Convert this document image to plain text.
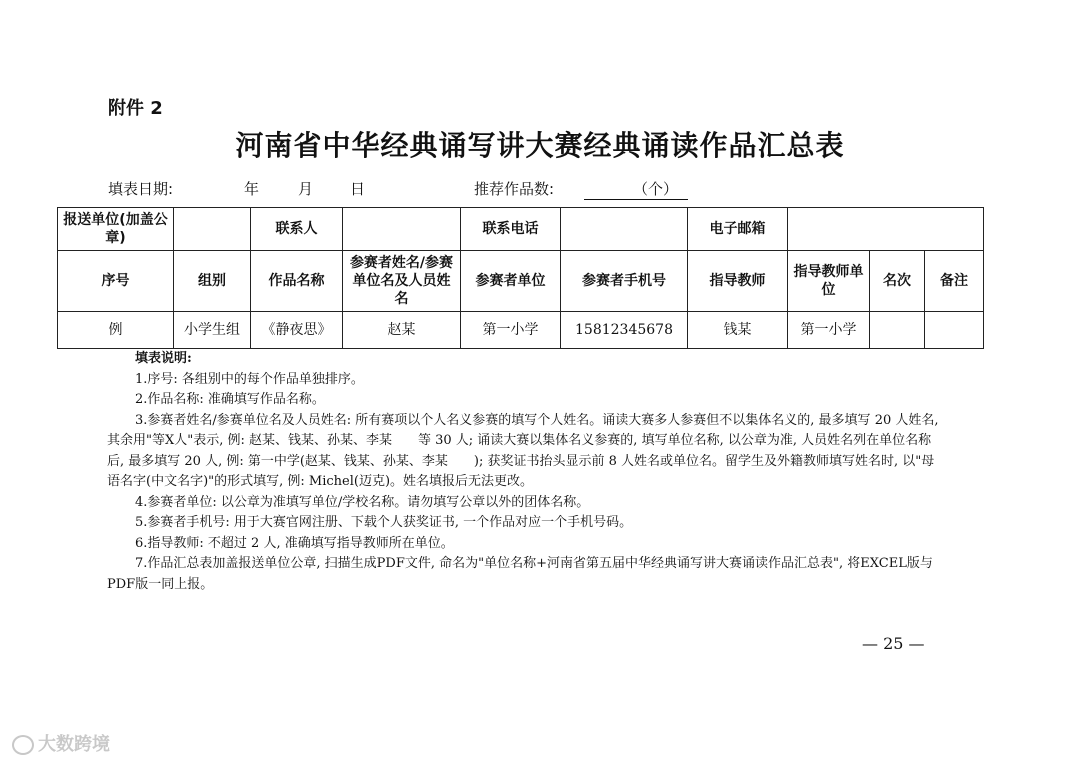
附件 2
河南省中华经典诵写讲大赛经典诵读作品汇总表
填表日期:	年	月 日	推荐作品数:	（个）
报送单位(加盖公章)		联系人		联系电话		电子邮箱			
序号	组别	作品名称	参赛者姓名/参赛单位名及人员姓名	参赛者单位	参赛者手机号	指导教师	指导教师单位	名次	备注
例	小学生组	《静夜思》	赵某	第一小学	15812345678	钱某	第一小学		
填表说明:

1.序号: 各组别中的每个作品单独排序。

2.作品名称: 准确填写作品名称。

3.参赛者姓名/参赛单位名及人员姓名: 所有赛项以个人名义参赛的填写个人姓名。诵读大赛多人参赛但不以集体名义的, 最多填写 20 人姓名, 其余用"等X人"表示, 例: 赵某、钱某、孙某、李某　　等 30 人; 诵读大赛以集体名义参赛的, 填写单位名称, 以公章为准, 人员姓名列在单位名称后, 最多填写 20 人, 例: 第一中学(赵某、钱某、孙某、李某　　); 获奖证书抬头显示前 8 人姓名或单位名。留学生及外籍教师填写姓名时, 以"母语名字(中文名字)"的形式填写, 例: Michel(迈克)。姓名填报后无法更改。

4.参赛者单位: 以公章为准填写单位/学校名称。请勿填写公章以外的团体名称。

5.参赛者手机号: 用于大赛官网注册、下载个人获奖证书, 一个作品对应一个手机号码。

6.指导教师: 不超过 2 人, 准确填写指导教师所在单位。

7.作品汇总表加盖报送单位公章, 扫描生成PDF文件, 命名为"单位名称+河南省第五届中华经典诵写讲大赛诵读作品汇总表", 将EXCEL版与PDF版一同上报。

— 25 —
大数跨境
